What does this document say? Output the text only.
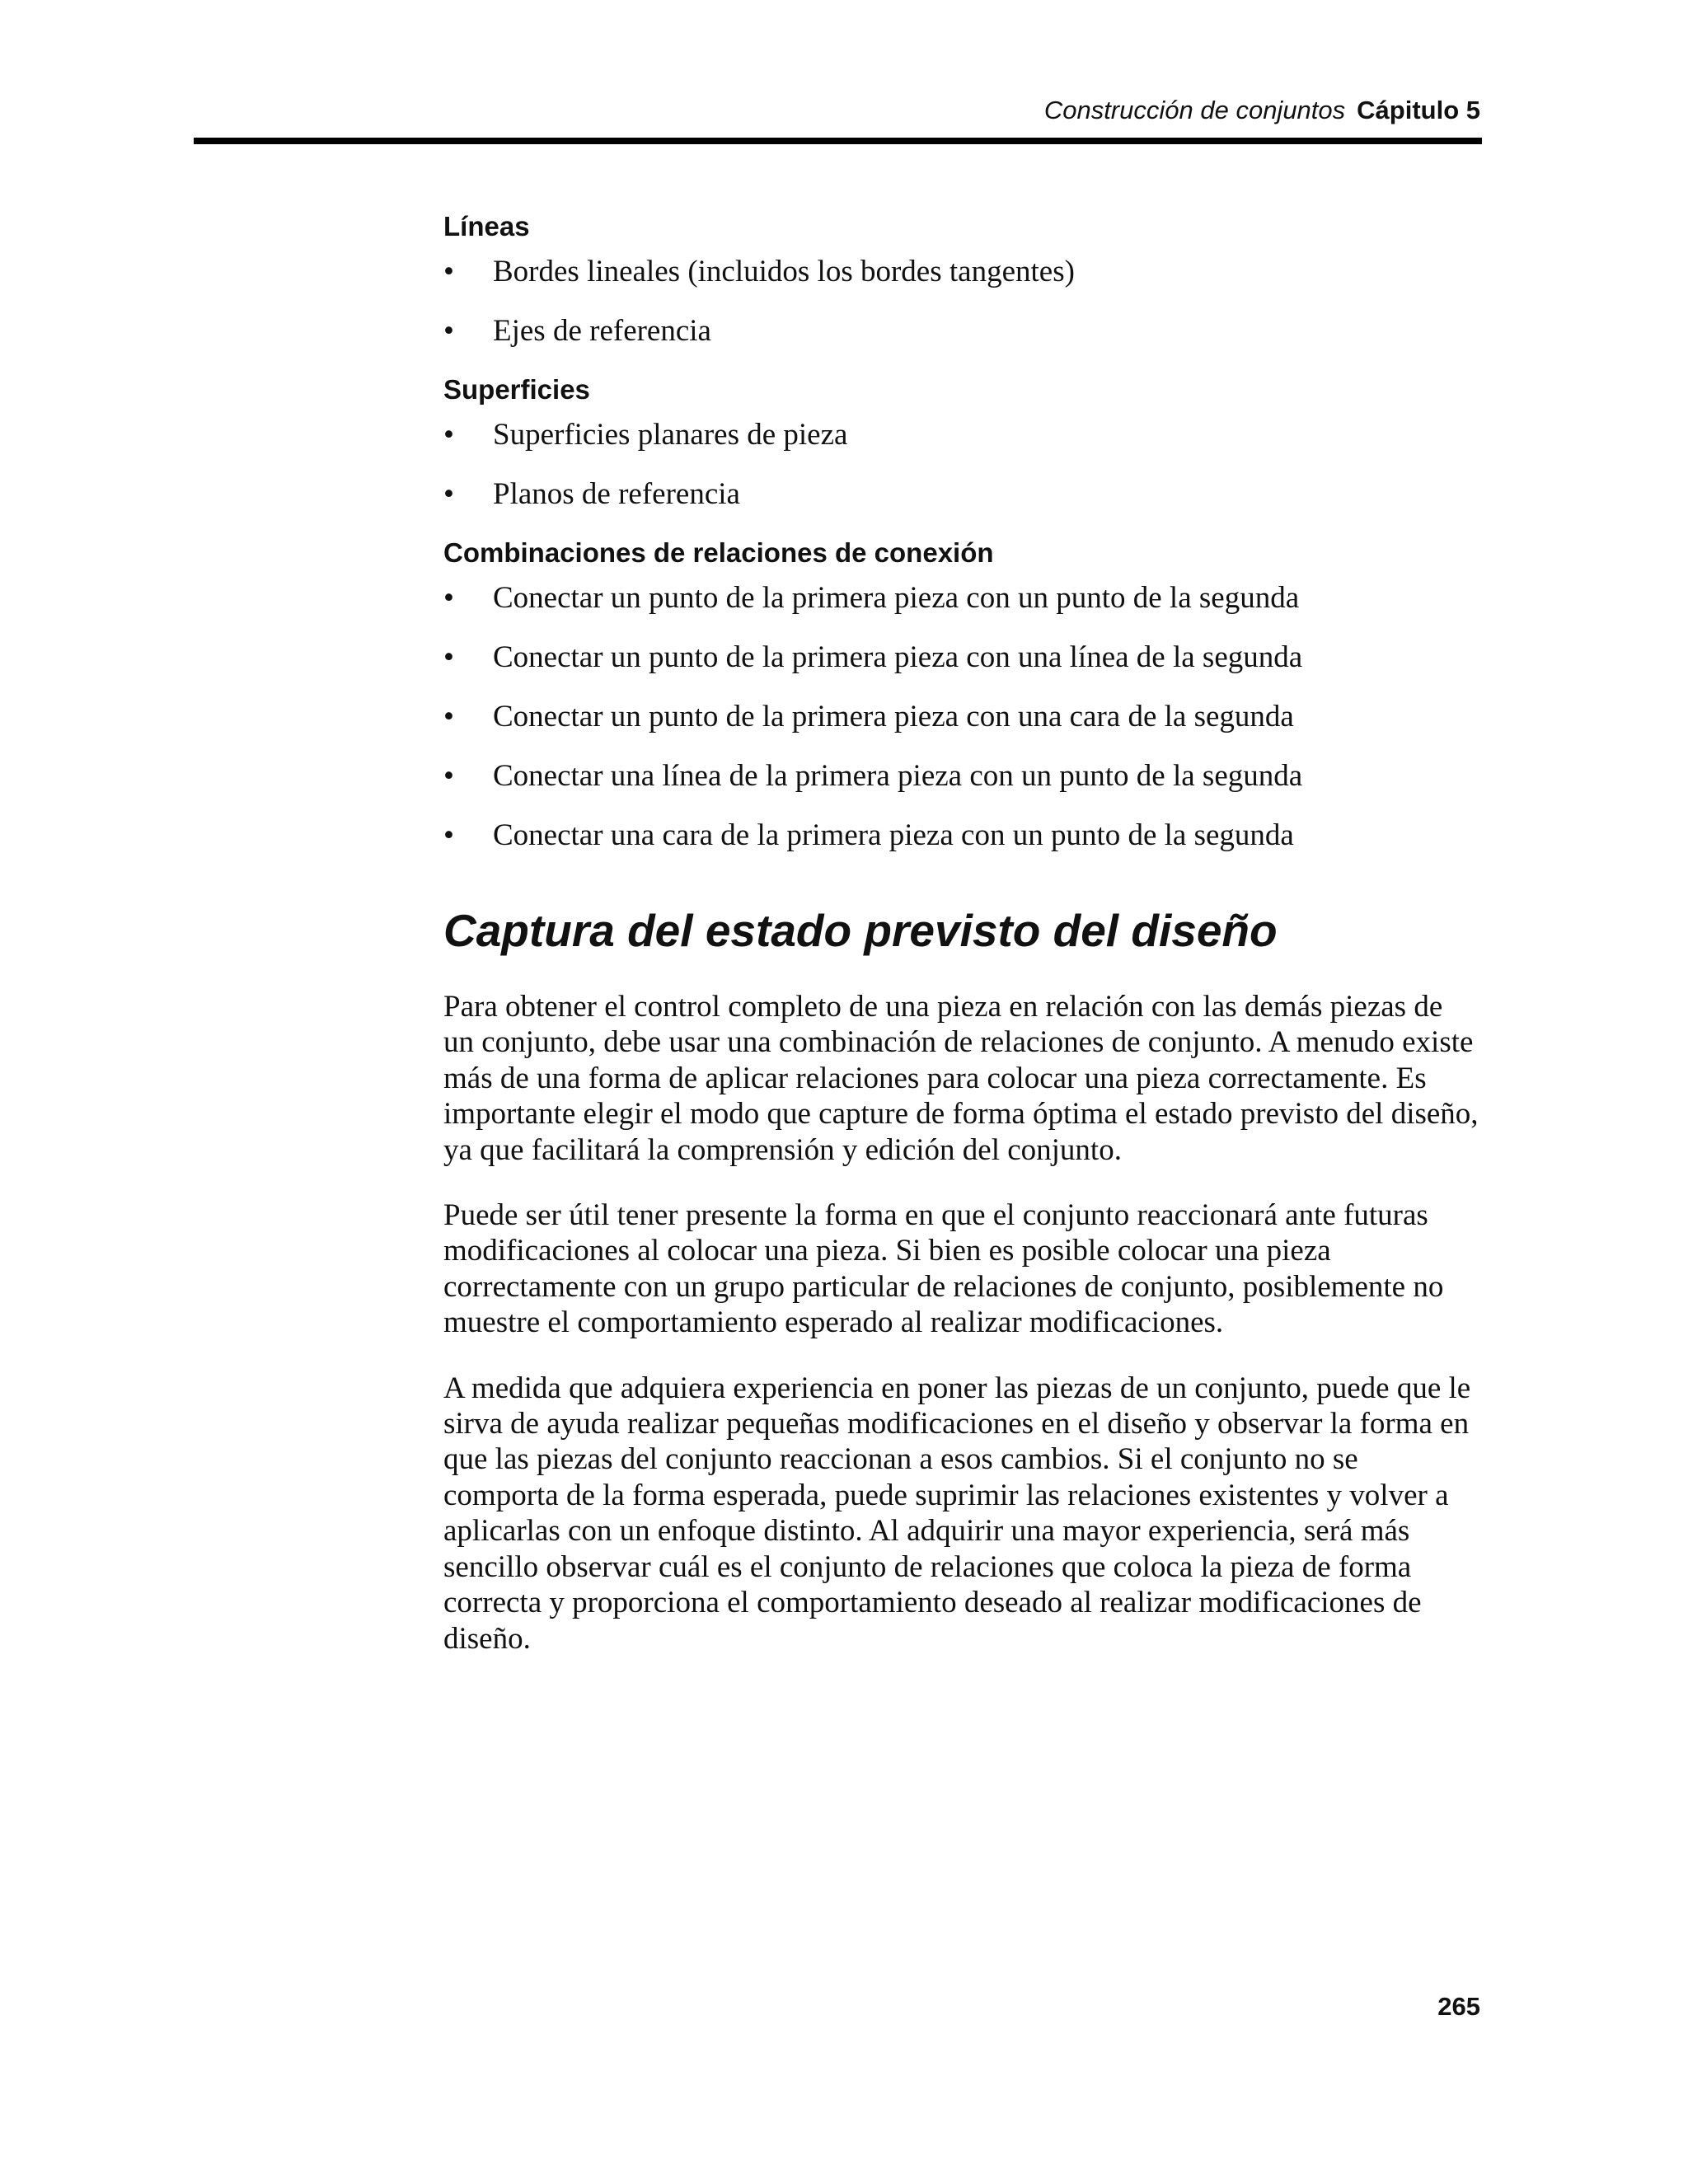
Construcción de conjuntos Cápitulo 5
Líneas
• Bordes lineales (incluidos los bordes tangentes)
• Ejes de referencia
Superficies
• Superficies planares de pieza
• Planos de referencia
Combinaciones de relaciones de conexión
• Conectar un punto de la primera pieza con un punto de la segunda
• Conectar un punto de la primera pieza con una línea de la segunda
• Conectar un punto de la primera pieza con una cara de la segunda
• Conectar una línea de la primera pieza con un punto de la segunda
• Conectar una cara de la primera pieza con un punto de la segunda
Captura del estado previsto del diseño

Para obtener el control completo de una pieza en relación con las demás piezas de un conjunto, debe usar una combinación de relaciones de conjunto. A menudo existe más de una forma de aplicar relaciones para colocar una pieza correctamente. Es importante elegir el modo que capture de forma óptima el estado previsto del diseño, ya que facilitará la comprensión y edición del conjunto.

Puede ser útil tener presente la forma en que el conjunto reaccionará ante futuras modificaciones al colocar una pieza. Si bien es posible colocar una pieza correctamente con un grupo particular de relaciones de conjunto, posiblemente no muestre el comportamiento esperado al realizar modificaciones.

A medida que adquiera experiencia en poner las piezas de un conjunto, puede que le sirva de ayuda realizar pequeñas modificaciones en el diseño y observar la forma en que las piezas del conjunto reaccionan a esos cambios. Si el conjunto no se comporta de la forma esperada, puede suprimir las relaciones existentes y volver a aplicarlas con un enfoque distinto. Al adquirir una mayor experiencia, será más sencillo observar cuál es el conjunto de relaciones que coloca la pieza de forma correcta y proporciona el comportamiento deseado al realizar modificaciones de diseño.

265
